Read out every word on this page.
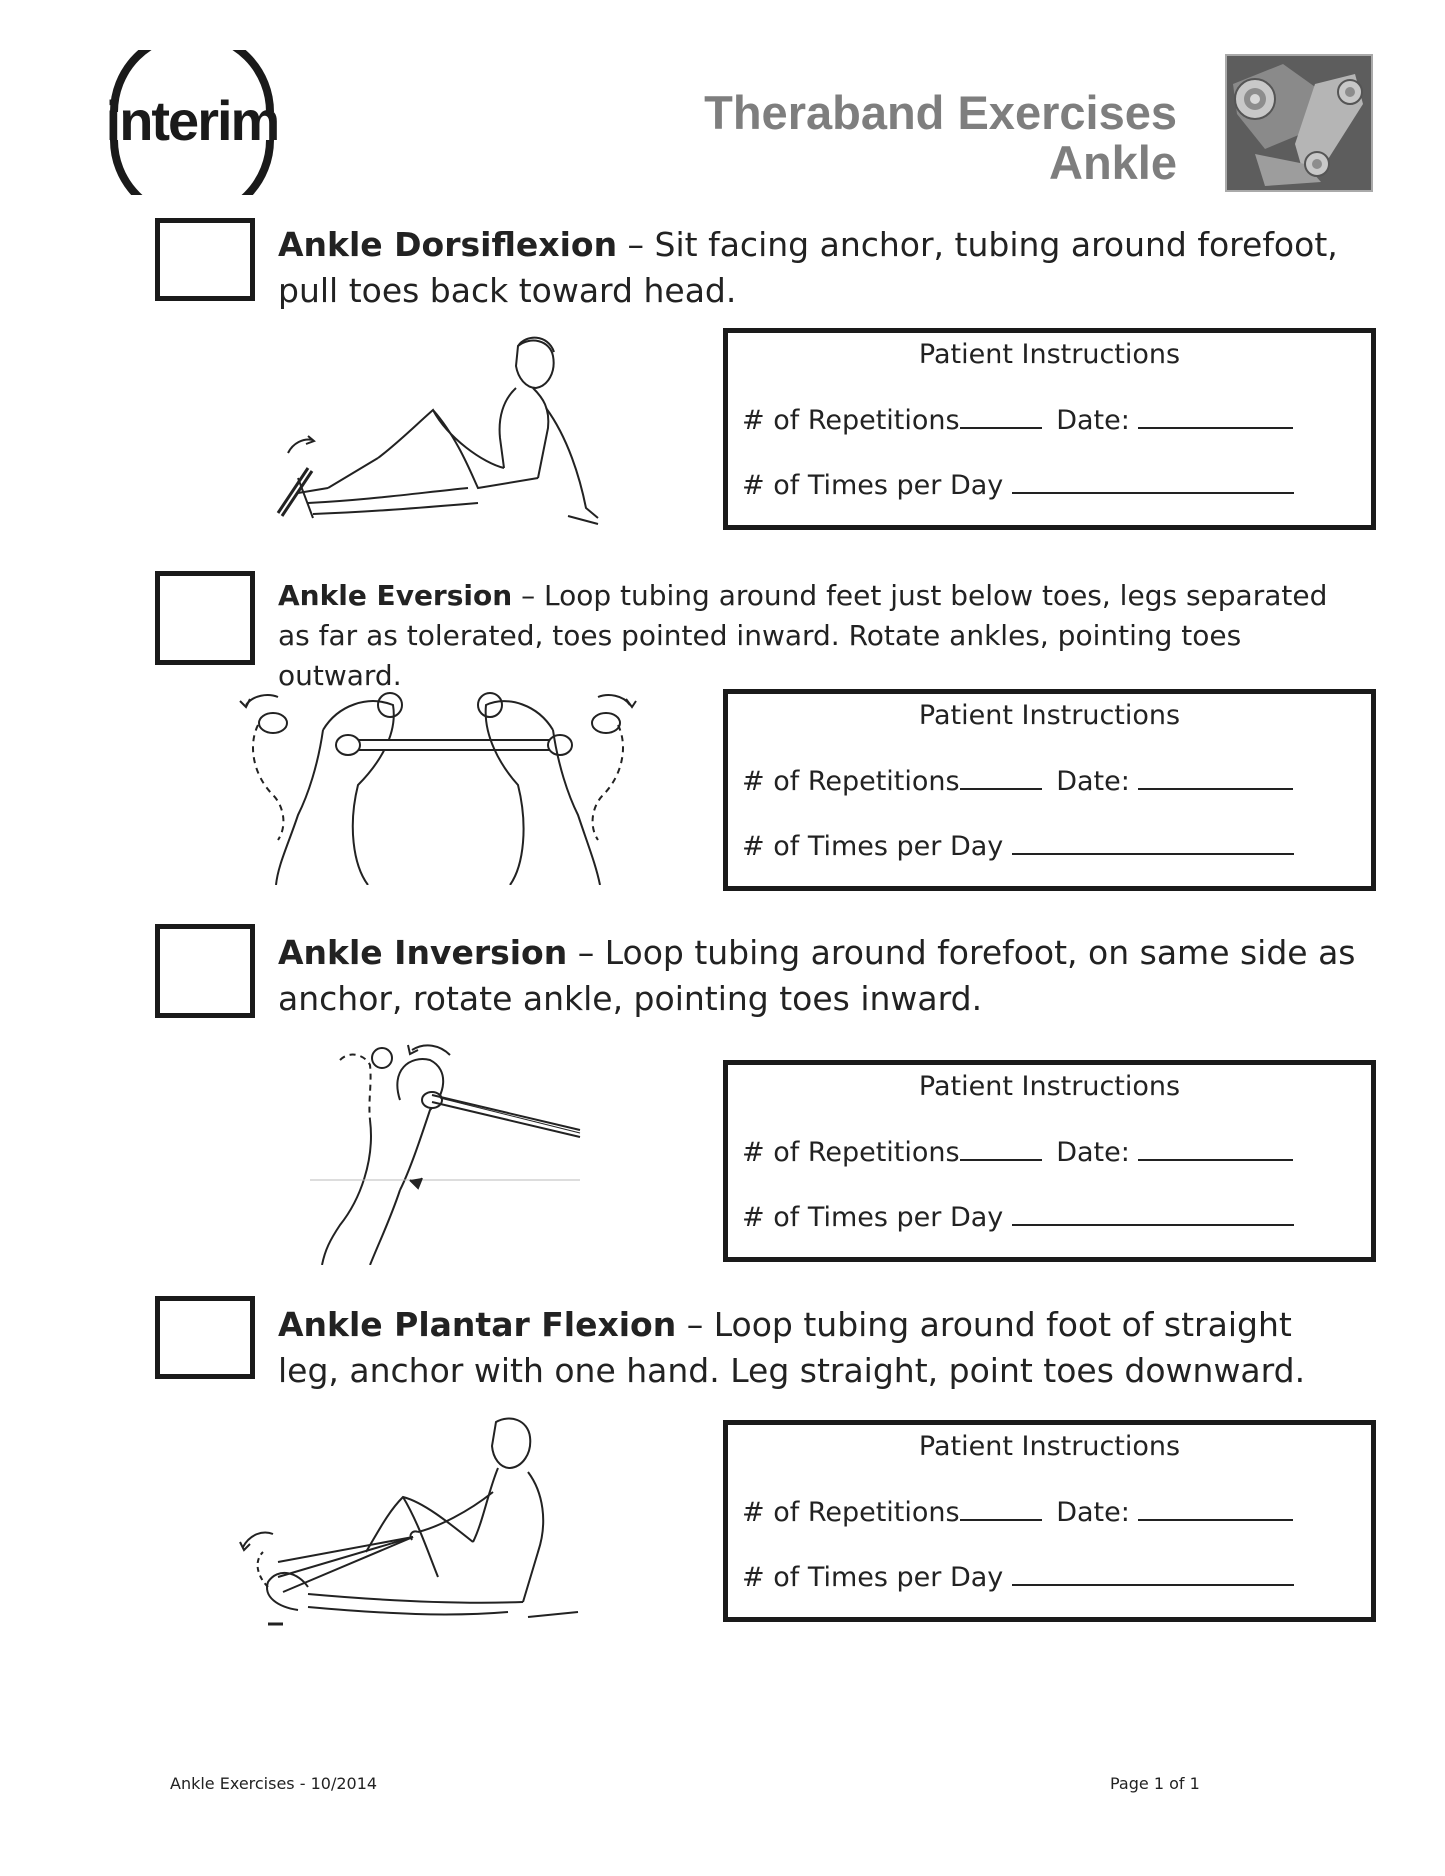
interim	Theraband Exercises
Ankle
Ankle Dorsiflexion – Sit facing anchor, tubing around forefoot, pull toes back toward head.
Patient Instructions
# of Repetitions	Date:
# of Times per Day
Ankle Eversion – Loop tubing around feet just below toes, legs separated as far as tolerated, toes pointed inward. Rotate ankles, pointing toes outward.
Patient Instructions
# of Repetitions	Date:
# of Times per Day
Ankle Inversion – Loop tubing around forefoot, on same side as anchor, rotate ankle, pointing toes inward.
Patient Instructions
# of Repetitions	Date:
# of Times per Day
Ankle Plantar Flexion – Loop tubing around foot of straight leg, anchor with one hand. Leg straight, point toes downward.
Patient Instructions
# of Repetitions	Date:
# of Times per Day
Ankle Exercises - 10/2014	Page 1 of 1
